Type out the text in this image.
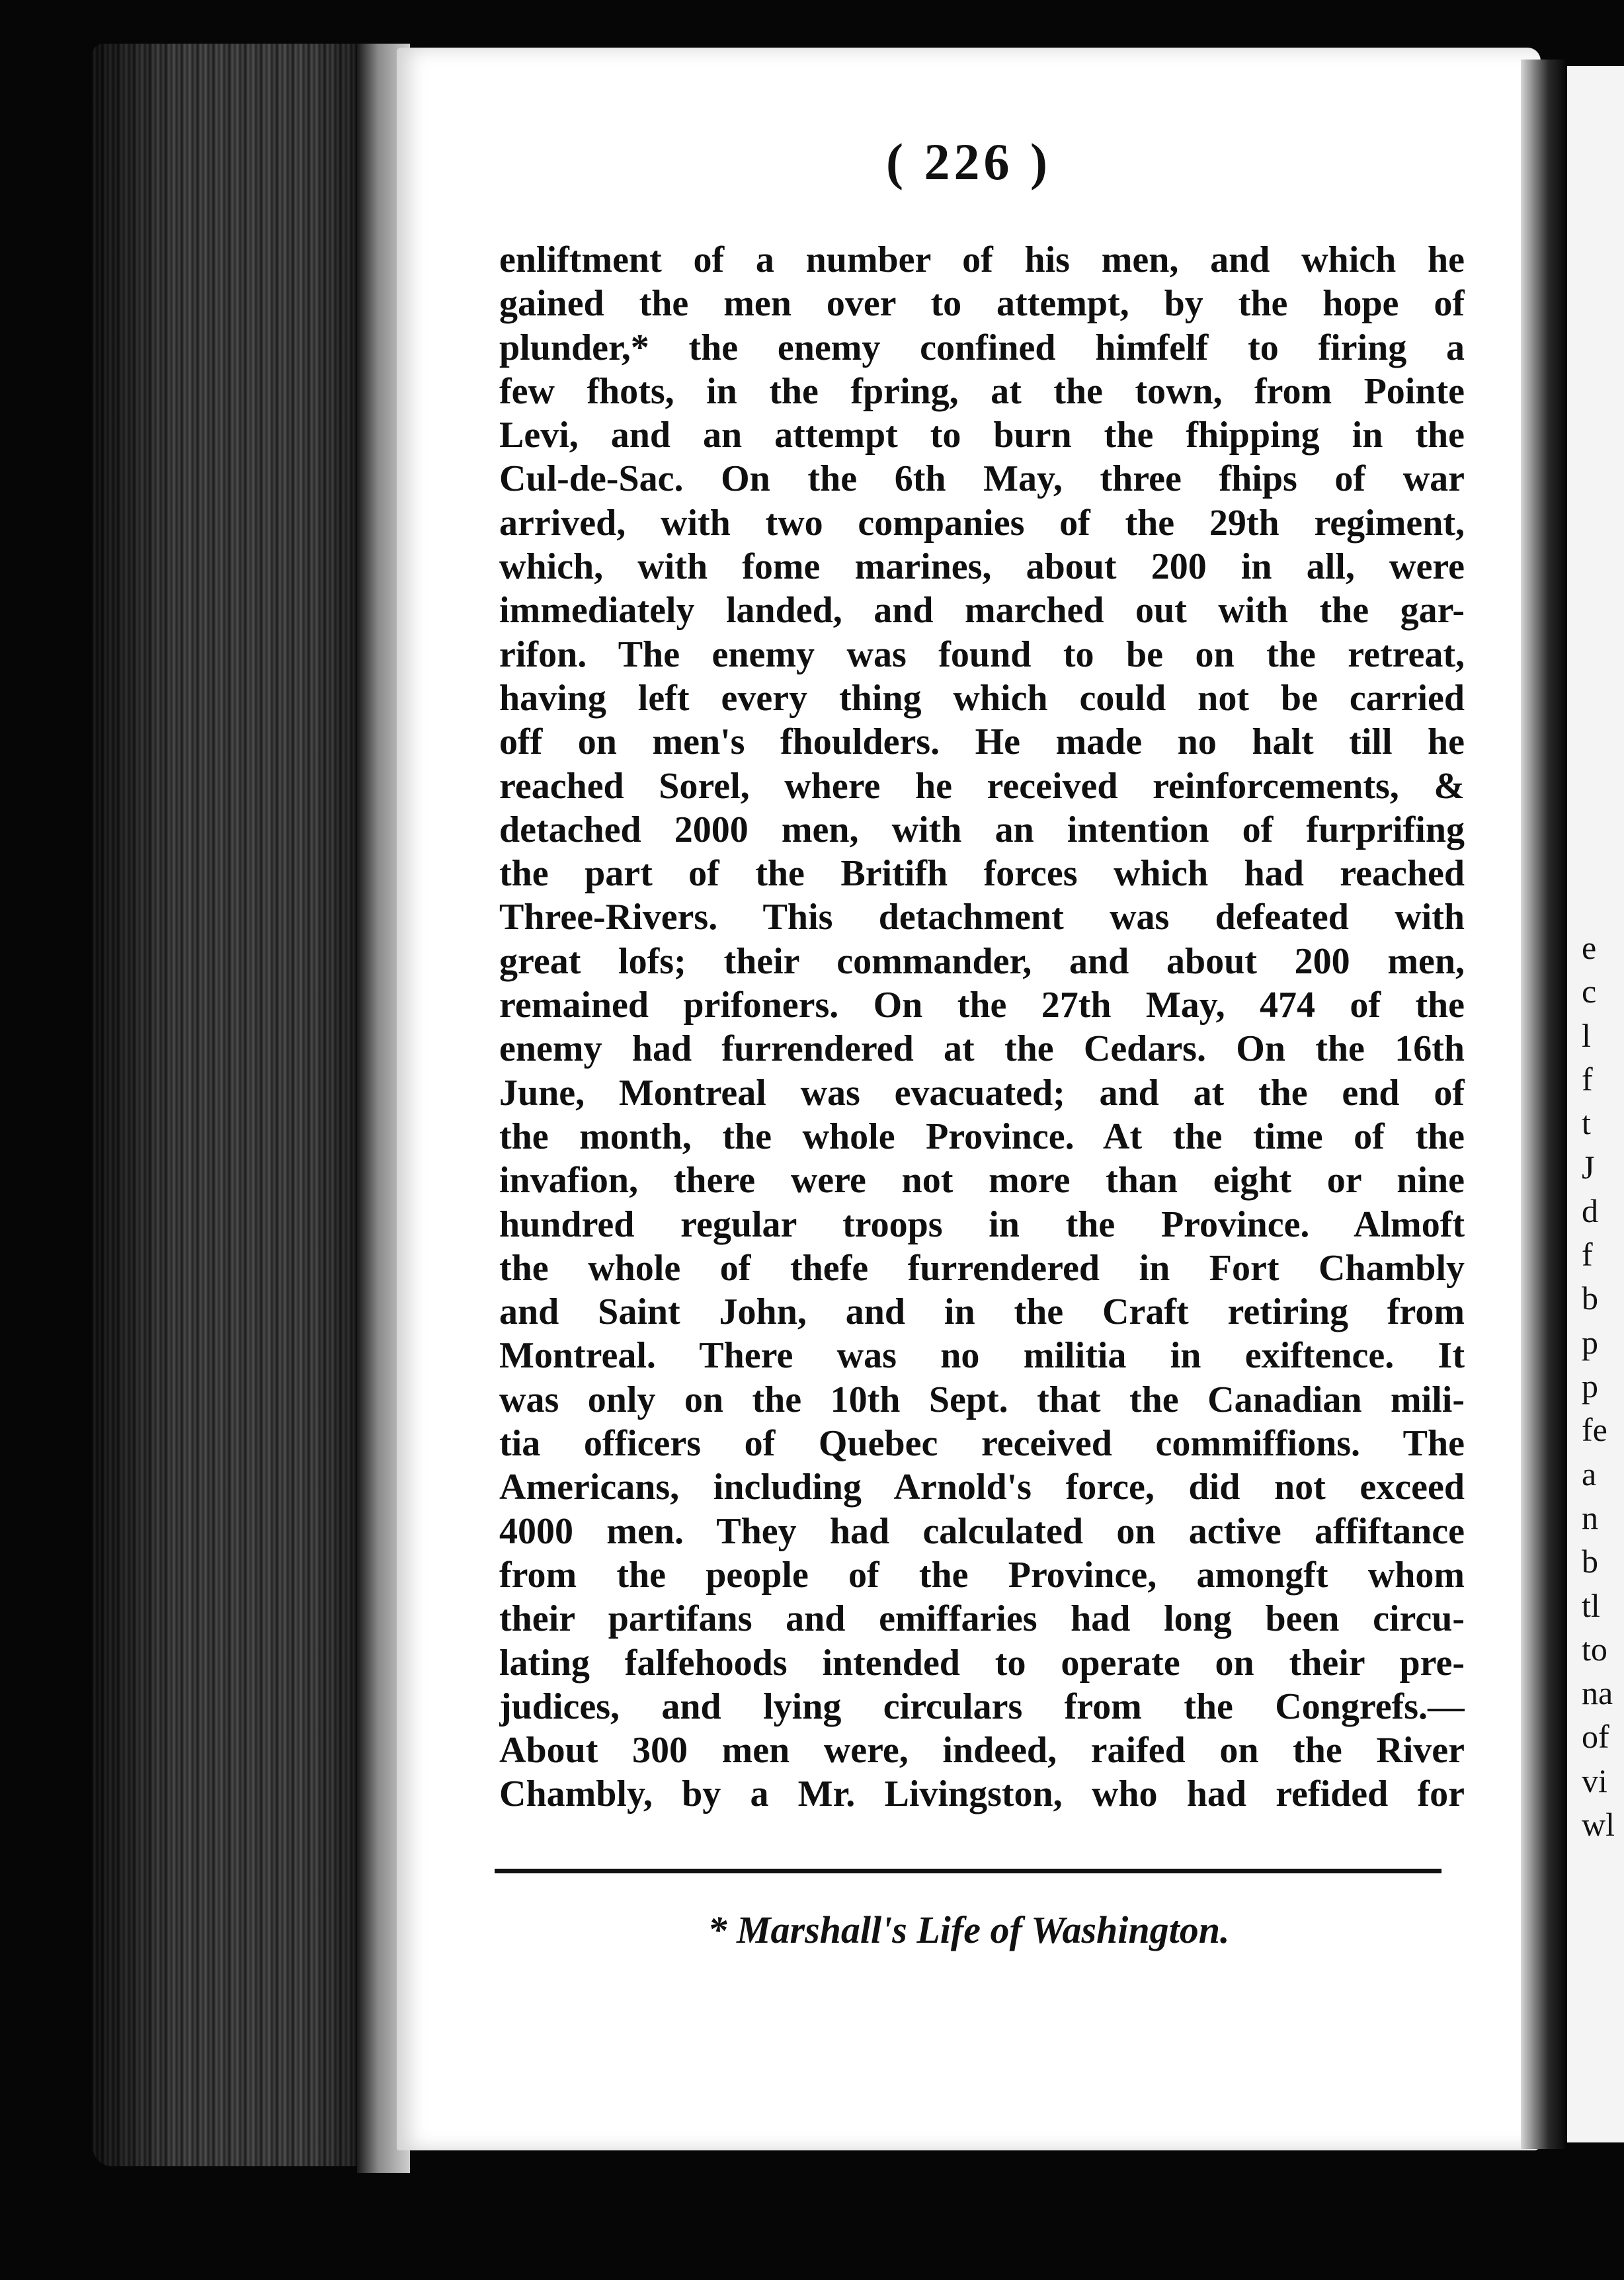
e
c
l
f
t
J
d
f
b
p
p
fe
a
n
b
tl
to
na
of
vi
wl
( 226 )
enliftment of a number of his men, and which he
gained the men over to attempt, by the hope of
plunder,* the enemy confined himfelf to firing a
few fhots, in the fpring, at the town, from Pointe
Levi, and an attempt to burn the fhipping in the
Cul-de-Sac. On the 6th May, three fhips of war
arrived, with two companies of the 29th regiment,
which, with fome marines, about 200 in all, were
immediately landed, and marched out with the gar-
rifon. The enemy was found to be on the retreat,
having left every thing which could not be carried
off on men's fhoulders. He made no halt till he
reached Sorel, where he received reinforcements, &
detached 2000 men, with an intention of furprifing
the part of the Britifh forces which had reached
Three-Rivers. This detachment was defeated with
great lofs; their commander, and about 200 men,
remained prifoners. On the 27th May, 474 of the
enemy had furrendered at the Cedars. On the 16th
June, Montreal was evacuated; and at the end of
the month, the whole Province. At the time of the
invafion, there were not more than eight or nine
hundred regular troops in the Province. Almoft
the whole of thefe furrendered in Fort Chambly
and Saint John, and in the Craft retiring from
Montreal. There was no militia in exiftence. It
was only on the 10th Sept. that the Canadian mili-
tia officers of Quebec received commiffions. The
Americans, including Arnold's force, did not exceed
4000 men. They had calculated on active affiftance
from the people of the Province, amongft whom
their partifans and emiffaries had long been circu-
lating falfehoods intended to operate on their pre-
judices, and lying circulars from the Congrefs.—
About 300 men were, indeed, raifed on the River
Chambly, by a Mr. Livingston, who had refided for
* Marshall's Life of Washington.
